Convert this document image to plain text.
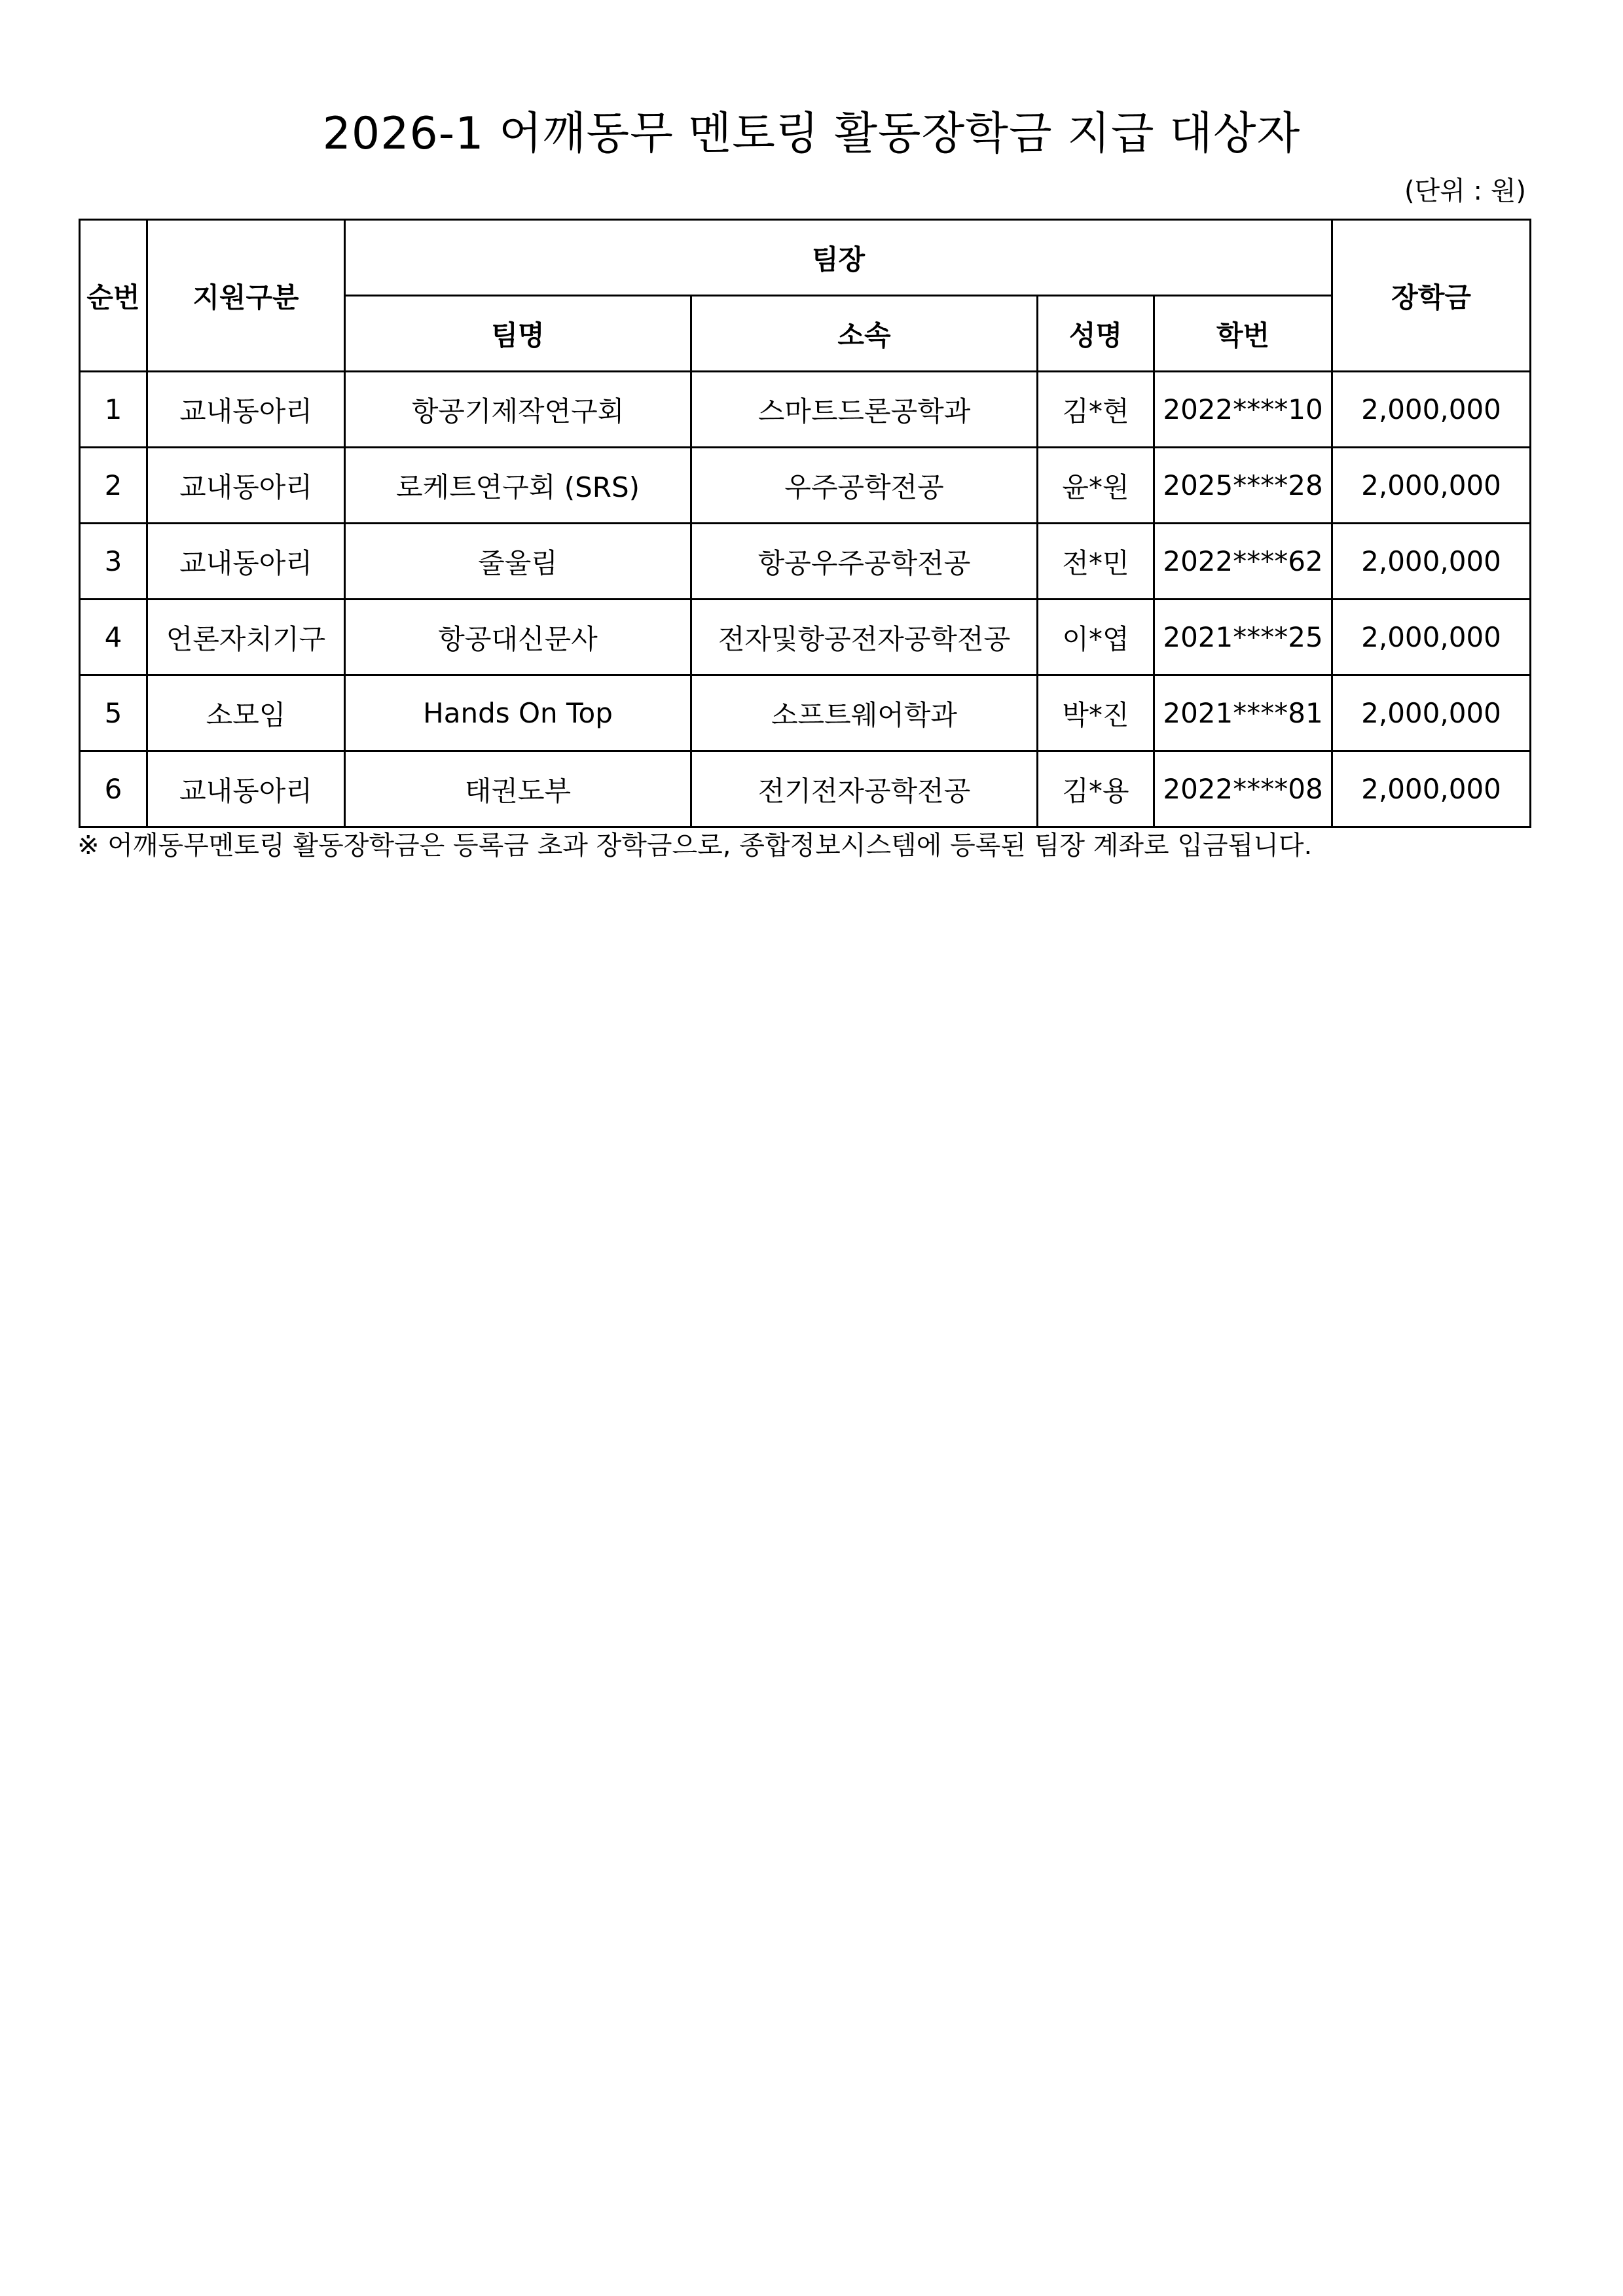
2026-1 어깨동무 멘토링 활동장학금 지급 대상자
(단위 : 원)
순번	지원구분	팀장				장학금
		팀명	소속	성명	학번	
1	교내동아리	항공기제작연구회	스마트드론공학과	김*현	2022****10	2,000,000
2	교내동아리	로케트연구회 (SRS)	우주공학전공	윤*원	2025****28	2,000,000
3	교내동아리	줄울림	항공우주공학전공	전*민	2022****62	2,000,000
4	언론자치기구	항공대신문사	전자및항공전자공학전공	이*엽	2021****25	2,000,000
5	소모임	Hands On Top	소프트웨어학과	박*진	2021****81	2,000,000
6	교내동아리	태권도부	전기전자공학전공	김*용	2022****08	2,000,000
※ 어깨동무멘토링 활동장학금은 등록금 초과 장학금으로, 종합정보시스템에 등록된 팀장 계좌로 입금됩니다.
